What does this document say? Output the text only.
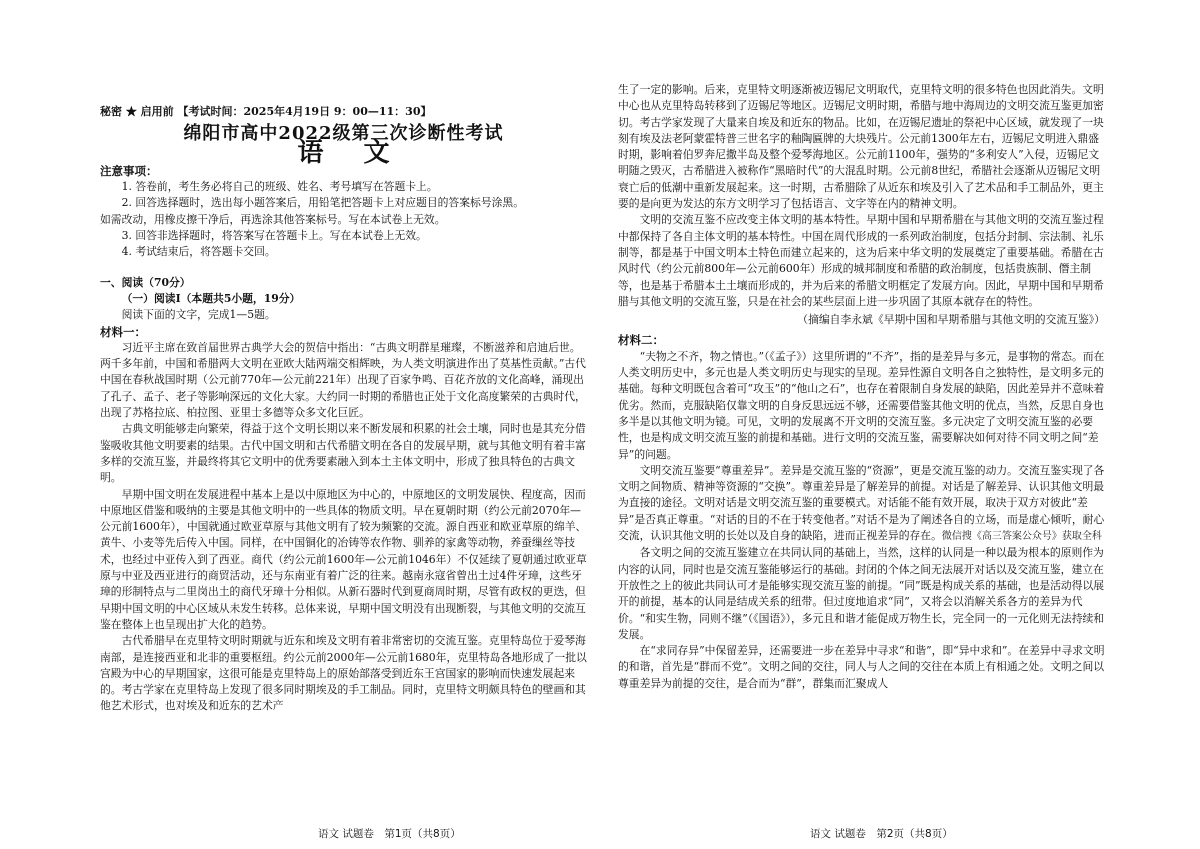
秘密 ★ 启用前 【考试时间：2025年4月19日 9：00—11：30】

绵阳市高中2022级第三次诊断性考试

语 文

注意事项：

1. 答卷前，考生务必将自己的班级、姓名、考号填写在答题卡上。

2. 回答选择题时，选出每小题答案后，用铅笔把答题卡上对应题目的答案标号涂黑。

如需改动，用橡皮擦干净后，再选涂其他答案标号。写在本试卷上无效。

3. 回答非选择题时，将答案写在答题卡上。写在本试卷上无效。

4. 考试结束后，将答题卡交回。

一、阅读（70分）

（一）阅读Ⅰ（本题共5小题，19分）

阅读下面的文字，完成1—5题。

材料一：

习近平主席在致首届世界古典学大会的贺信中指出：“古典文明群星璀璨，不断滋养和启迪后世。两千多年前，中国和希腊两大文明在亚欧大陆两端交相辉映，为人类文明演进作出了莫基性贡献。”古代中国在春秋战国时期（公元前770年—公元前221年）出现了百家争鸣、百花齐放的文化高峰，涌现出了孔子、孟子、老子等影响深远的文化大家。大约同一时期的希腊也正处于文化高度繁荣的古典时代，出现了苏格拉底、柏拉图、亚里士多德等众多文化巨匠。

古典文明能够走向繁荣，得益于这个文明长期以来不断发展和积累的社会土壤，同时也是其充分借鉴吸收其他文明要素的结果。古代中国文明和古代希腊文明在各自的发展早期，就与其他文明有着丰富多样的交流互鉴，并最终将其它文明中的优秀要素融入到本土主体文明中，形成了独具特色的古典文明。

早期中国文明在发展进程中基本上是以中原地区为中心的，中原地区的文明发展快、程度高，因而中原地区借鉴和吸纳的主要是其他文明中的一些具体的物质文明。早在夏朝时期（约公元前2070年—公元前1600年），中国就通过欧亚草原与其他文明有了较为频繁的交流。源自西亚和欧亚草原的绵羊、黄牛、小麦等先后传入中国。同样，在中国铜化的冶铸等农作物、驯养的家禽等动物，养蚕缫丝等技术，也经过中亚传入到了西亚。商代（约公元前1600年—公元前1046年）不仅延续了夏朝通过欧亚草原与中亚及西亚进行的商贸活动，还与东南亚有着广泛的往来。越南永寇省曾出土过4件牙璋，这些牙璋的形制特点与二里岗出土的商代牙璋十分相似。从新石器时代到夏商周时期，尽管有政权的更迭，但早期中国文明的中心区域从未发生转移。总体来说，早期中国文明没有出现断裂，与其他文明的交流互鉴在整体上也呈现出扩大化的趋势。

古代希腊早在克里特文明时期就与近东和埃及文明有着非常密切的交流互鉴。克里特岛位于爱琴海南部，是连接西亚和北非的重要枢纽。约公元前2000年—公元前1680年，克里特岛各地形成了一批以宫殿为中心的早期国家，这很可能是克里特岛上的原始部落受到近东王宫国家的影响而快速发展起来的。考古学家在克里特岛上发现了很多同时期埃及的手工制品。同时，克里特文明颇具特色的壁画和其他艺术形式，也对埃及和近东的艺术产

生了一定的影响。后来，克里特文明逐渐被迈锡尼文明取代，克里特文明的很多特色也因此消失。文明中心也从克里特岛转移到了迈锡尼等地区。迈锡尼文明时期，希腊与地中海周边的文明交流互鉴更加密切。考古学家发现了大量来自埃及和近东的物品。比如，在迈锡尼遗址的祭祀中心区域，就发现了一块刻有埃及法老阿蒙霍特普三世名字的釉陶匾牌的大块残片。公元前1300年左右，迈锡尼文明进入鼎盛时期，影响着伯罗奔尼撒半岛及整个爱琴海地区。公元前1100年，强势的“多利安人”入侵，迈锡尼文明随之毁灭，古希腊进入被称作“黑暗时代”的大混乱时期。公元前8世纪，希腊社会逐渐从迈锡尼文明衰亡后的低潮中重新发展起来。这一时期，古希腊除了从近东和埃及引入了艺术品和手工制品外，更主要的是向更为发达的东方文明学习了包括语言、文字等在内的精神文明。

文明的交流互鉴不应改变主体文明的基本特性。早期中国和早期希腊在与其他文明的交流互鉴过程中都保持了各自主体文明的基本特性。中国在周代形成的一系列政治制度，包括分封制、宗法制、礼乐制等，都是基于中国文明本土特色而建立起来的，这为后来中华文明的发展奠定了重要基础。希腊在古风时代（约公元前800年—公元前600年）形成的城邦制度和希腊的政治制度，包括贵族制、僭主制等，也是基于希腊本土土壤而形成的，并为后来的希腊文明框定了发展方向。因此，早期中国和早期希腊与其他文明的交流互鉴，只是在社会的某些层面上进一步巩固了其原本就存在的特性。

（摘编自李永斌《早期中国和早期希腊与其他文明的交流互鉴》）

材料二：

“夫物之不齐，物之情也。”（《孟子》）这里所谓的“不齐”，指的是差异与多元，是事物的常态。而在人类文明历史中，多元也是人类文明历史与现实的呈现。差异性源自文明各自之独特性，是文明多元的基础。每种文明既包含着可“攻玉”的“他山之石”，也存在着限制自身发展的缺陷，因此差异并不意味着优劣。然而，克服缺陷仅靠文明的自身反思远远不够，还需要借鉴其他文明的优点，当然，反思自身也多半是以其他文明为镜。可见，文明的发展离不开文明的交流互鉴。多元决定了文明交流互鉴的必要性，也是构成文明交流互鉴的前提和基础。进行文明的交流互鉴，需要解决如何对待不同文明之间“差异”的问题。

文明交流互鉴要“尊重差异”。差异是交流互鉴的“资源”，更是交流互鉴的动力。交流互鉴实现了各文明之间物质、精神等资源的“交换”。尊重差异是了解差异的前提。对话是了解差异、认识其他文明最为直接的途径。文明对话是文明交流互鉴的重要模式。对话能不能有效开展，取决于双方对彼此“差异”是否真正尊重。“对话的目的不在于转变他者。”对话不是为了阐述各自的立场，而是虚心倾听，耐心交流，认识其他文明的长处以及自身的缺陷，进而正视差异的存在。微信搜《高三答案公众号》获取全科

各文明之间的交流互鉴建立在共同认同的基础上，当然，这样的认同是一种以最为根本的原则作为内容的认同，同时也是交流互鉴能够运行的基础。封闭的个体之间无法展开对话以及交流互鉴，建立在开放性之上的彼此共同认可才是能够实现交流互鉴的前提。“同”既是构成关系的基础，也是活动得以展开的前提，基本的认同是结成关系的纽带。但过度地追求“同”，又将会以消解关系各方的差异为代价。“和实生物，同则不继”（《国语》），多元且和谐才能促成万物生长，完全同一的一元化则无法持续和发展。

在“求同存异”中保留差异，还需要进一步在差异中寻求“和谐”，即“异中求和”。在差异中寻求文明的和谐，首先是“群而不党”。文明之间的交往，同人与人之间的交往在本质上有相通之处。文明之间以尊重差异为前提的交往，是合而为“群”，群集而汇聚成人

语文 试题卷　第1页（共8页）	语文 试题卷　第2页（共8页）
